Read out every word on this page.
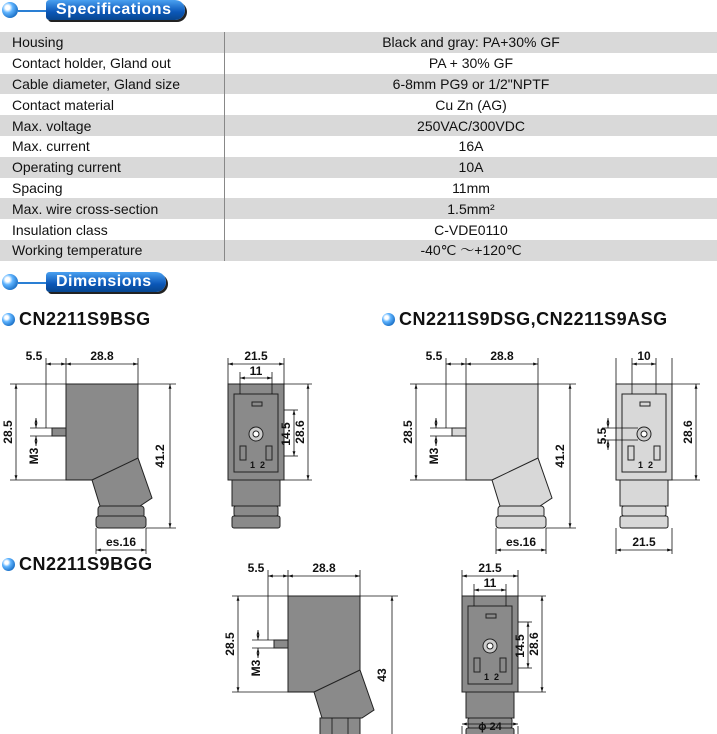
Specifications
Housing	Black and gray: PA+30% GF
Contact holder, Gland out	PA + 30% GF
Cable diameter, Gland size	6-8mm PG9 or 1/2"NPTF
Contact material	Cu Zn (AG)
Max. voltage	250VAC/300VDC
Max. current	16A
Operating current	10A
Spacing	11mm
Max. wire cross-section	1.5mm²
Insulation class	C-VDE0110
Working temperature	-40℃ ～+120℃
Dimensions
CN2211S9BSG	CN2211S9DSG,CN2211S9ASG
CN2211S9BGG
5.5	28.8
28.5
M3	41.2
es.16
1 2
21.5
11
14.5 28.6
5.5	28.8
28.5
M3	41.2
es.16
1 2
10
5.5	28.6
21.5
5.5	28.8
28.5
M3	43	1 2
21.5
11
14.5 28.6
ϕ 24
